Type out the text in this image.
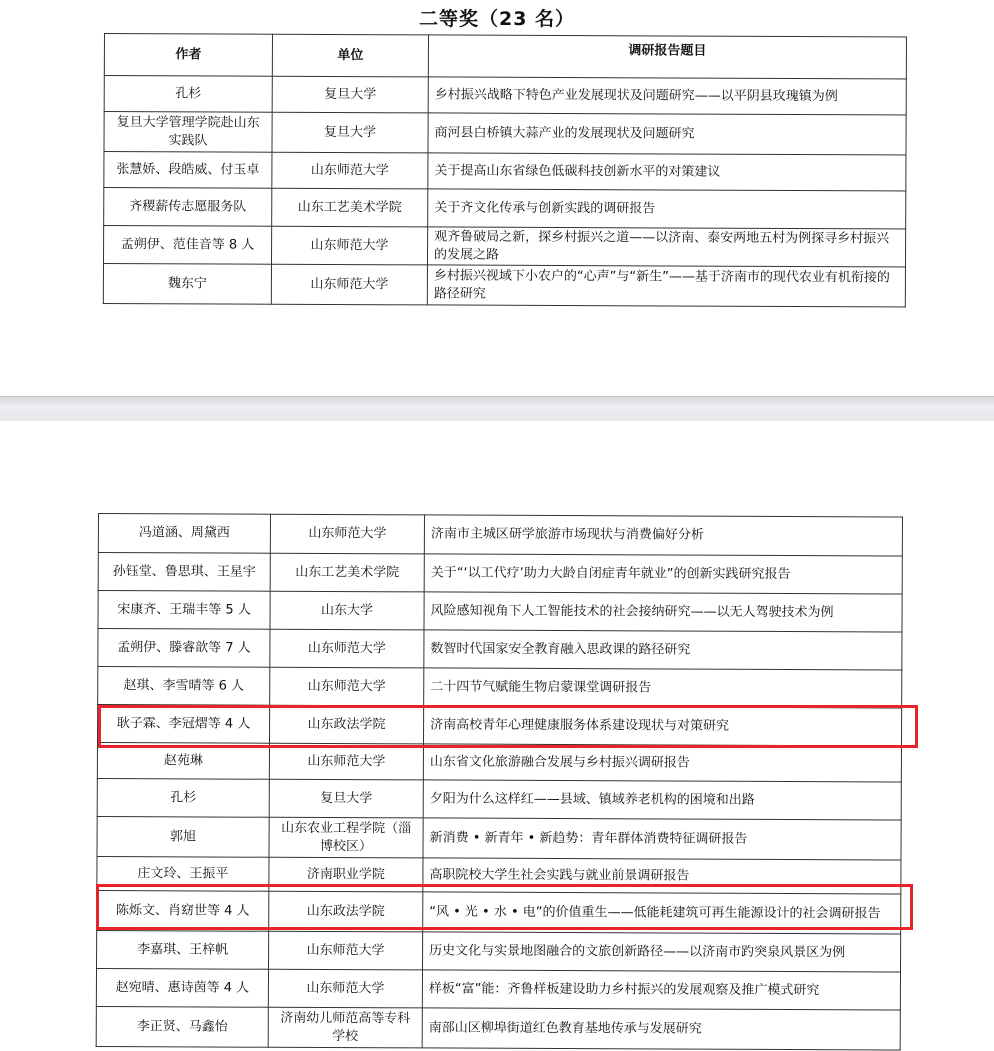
二等奖（23 名）
作者	单位	调研报告题目
孔杉	复旦大学	乡村振兴战略下特色产业发展现状及问题研究——以平阴县玫瑰镇为例
复旦大学管理学院赴山东实践队	复旦大学	商河县白桥镇大蒜产业的发展现状及问题研究
张慧娇、段皓威、付玉卓	山东师范大学	关于提高山东省绿色低碳科技创新水平的对策建议
齐稷薪传志愿服务队	山东工艺美术学院	关于齐文化传承与创新实践的调研报告
孟朔伊、范佳音等 8 人	山东师范大学	观齐鲁破局之新，探乡村振兴之道——以济南、泰安两地五村为例探寻乡村振兴的发展之路
魏东宁	山东师范大学	乡村振兴视域下小农户的“心声”与“新生”——基于济南市的现代农业有机衔接的路径研究
冯道涵、周黛西	山东师范大学	济南市主城区研学旅游市场现状与消费偏好分析
孙钰堂、鲁思琪、王星宇	山东工艺美术学院	关于“‘以工代疗’助力大龄自闭症青年就业”的创新实践研究报告
宋康齐、王瑞丰等 5 人	山东大学	风险感知视角下人工智能技术的社会接纳研究——以无人驾驶技术为例
孟朔伊、滕睿歆等 7 人	山东师范大学	数智时代国家安全教育融入思政课的路径研究
赵琪、李雪晴等 6 人	山东师范大学	二十四节气赋能生物启蒙课堂调研报告
耿子霖、李冠熠等 4 人	山东政法学院	济南高校青年心理健康服务体系建设现状与对策研究
赵苑琳	山东师范大学	山东省文化旅游融合发展与乡村振兴调研报告
孔杉	复旦大学	夕阳为什么这样红——县域、镇域养老机构的困境和出路
郭旭	山东农业工程学院（淄博校区）	新消费 • 新青年 • 新趋势：青年群体消费特征调研报告
庄文玲、王振平	济南职业学院	高职院校大学生社会实践与就业前景调研报告
陈烁文、肖窈世等 4 人	山东政法学院	“风 • 光 • 水 • 电”的价值重生——低能耗建筑可再生能源设计的社会调研报告
李嘉琪、王梓帆	山东师范大学	历史文化与实景地图融合的文旅创新路径——以济南市趵突泉风景区为例
赵宛晴、惠诗茵等 4 人	山东师范大学	样板“富”能：齐鲁样板建设助力乡村振兴的发展观察及推广模式研究
李正贤、马鑫怡	济南幼儿师范高等专科学校	南部山区柳埠街道红色教育基地传承与发展研究
